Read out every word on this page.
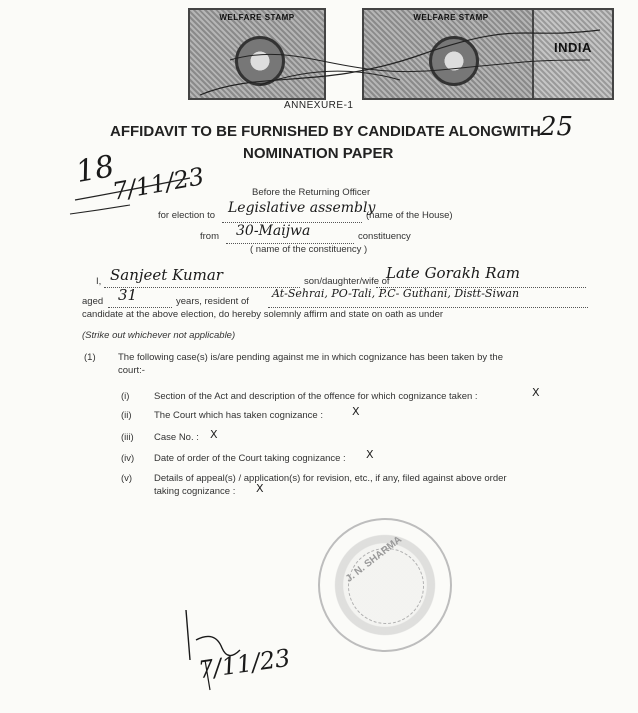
WELFARE STAMP	WELFARE STAMP
INDIA
ANNEXURE-1
AFFIDAVIT TO BE FURNISHED BY CANDIDATE ALONGWITH
NOMINATION PAPER
25
18
7/11/23	Before the Returning Officer
for election to Legislative assembly
(name of the House)
from 30-Maijwa	constituency
( name of the constituency )
I, Sanjeet Kumar	son/daughter/wife of
Late Gorakh Ram
aged 31	years, resident of
At-Sehrai, PO-Tali, P.C- Guthani, Distt-Siwan
candidate at the above election, do hereby solemnly affirm and state on oath as under
(Strike out whichever not applicable)
(1) The following case(s) is/are pending against me in which cognizance has been taken by the
court:-
(i)	Section of the Act and description of the offence for which cognizance taken :	X
(ii) The Court which has taken cognizance :	X
(iii) Case No. : X
(iv) Date of order of the Court taking cognizance : X
(v) Details of appeal(s) / application(s) for revision, etc., if any, filed against above order
taking cognizance : X
J. N. SHARMA
7/11/23
